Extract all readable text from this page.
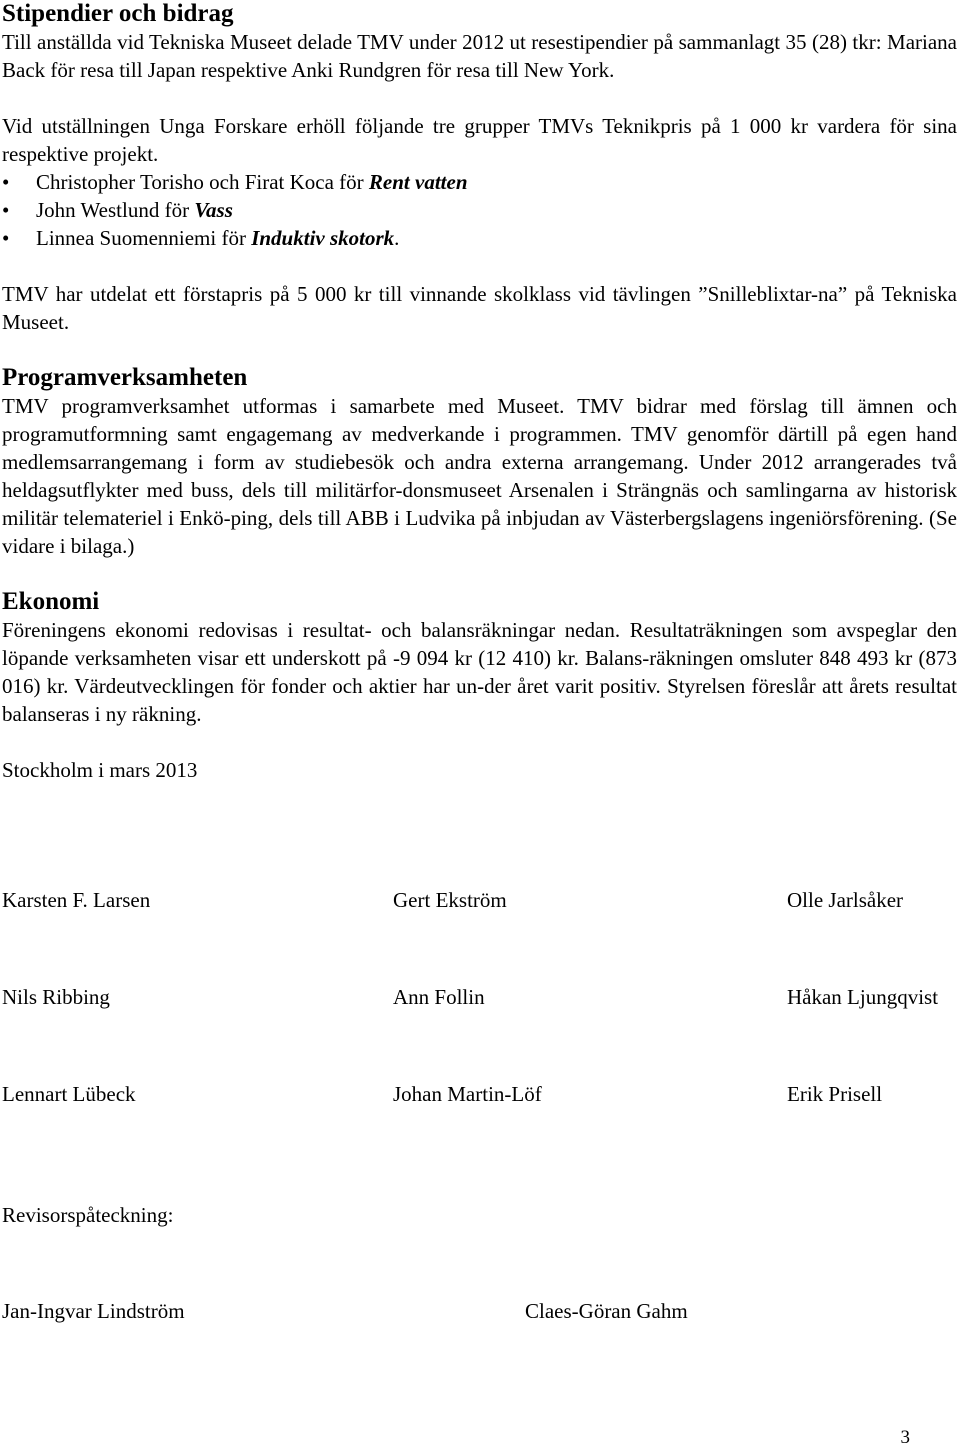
Stipendier och bidrag

Till anställda vid Tekniska Museet delade TMV under 2012 ut resestipendier på sammanlagt 35 (28) tkr: Mariana Back för resa till Japan respektive Anki Rundgren för resa till New York.

Vid utställningen Unga Forskare erhöll följande tre grupper TMVs Teknikpris på 1 000 kr vardera för sina respektive projekt.

•	Christopher Torisho och Firat Koca för Rent vatten
•	John Westlund för Vass
•	Linnea Suomenniemi för Induktiv skotork.

TMV har utdelat ett förstapris på 5 000 kr till vinnande skolklass vid tävlingen ”Snilleblixtar-na” på Tekniska Museet.

Programverksamheten

TMV programverksamhet utformas i samarbete med Museet. TMV bidrar med förslag till ämnen och programutformning samt engagemang av medverkande i programmen. TMV genomför därtill på egen hand medlemsarrangemang i form av studiebesök och andra externa arrangemang. Under 2012 arrangerades två heldagsutflykter med buss, dels till militärfor-donsmuseet Arsenalen i Strängnäs och samlingarna av historisk militär telemateriel i Enkö-ping, dels till ABB i Ludvika på inbjudan av Västerbergslagens ingeniörsförening. (Se vidare i bilaga.)

Ekonomi

Föreningens ekonomi redovisas i resultat- och balansräkningar nedan. Resultaträkningen som avspeglar den löpande verksamheten visar ett underskott på -9 094 kr (12 410) kr. Balans-räkningen omsluter 848 493 kr (873 016) kr. Värdeutvecklingen för fonder och aktier har un-der året varit positiv. Styrelsen föreslår att årets resultat balanseras i ny räkning.

Stockholm i mars 2013

Karsten F. Larsen	Gert Ekström	Olle Jarlsåker
Nils Ribbing	Ann Follin	Håkan Ljungqvist
Lennart Lübeck	Johan Martin-Löf	Erik Prisell
Revisorspåteckning:
Jan-Ingvar Lindström	Claes-Göran Gahm
3
